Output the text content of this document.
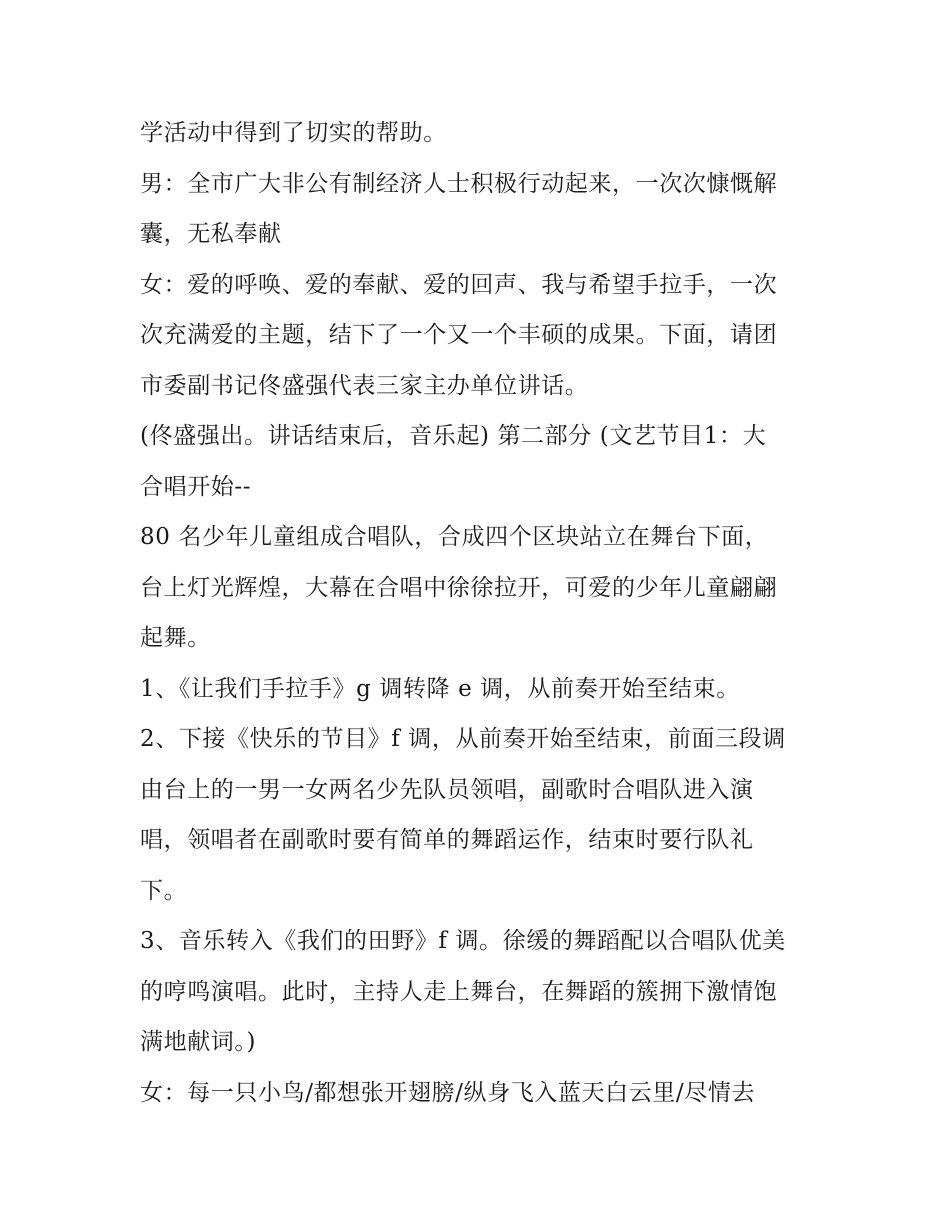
学活动中得到了切实的帮助。
男：全市广大非公有制经济人士积极行动起来，一次次慷慨解
囊，无私奉献
女：爱的呼唤、爱的奉献、爱的回声、我与希望手拉手，一次
次充满爱的主题，结下了一个又一个丰硕的成果。下面，请团
市委副书记佟盛强代表三家主办单位讲话。
(佟盛强出。讲话结束后，音乐起) 第二部分 (文艺节目1：大
合唱开始--
80 名少年儿童组成合唱队，合成四个区块站立在舞台下面，
台上灯光辉煌，大幕在合唱中徐徐拉开，可爱的少年儿童翩翩
起舞。
1、《让我们手拉手》g 调转降 e 调，从前奏开始至结束。
2、下接《快乐的节目》f 调，从前奏开始至结束，前面三段调
由台上的一男一女两名少先队员领唱，副歌时合唱队进入演
唱，领唱者在副歌时要有简单的舞蹈运作，结束时要行队礼
下。
3、音乐转入《我们的田野》f 调。徐缓的舞蹈配以合唱队优美
的哼鸣演唱。此时，主持人走上舞台，在舞蹈的簇拥下激情饱
满地献词。)
女：每一只小鸟/都想张开翅膀/纵身飞入蓝天白云里/尽情去
